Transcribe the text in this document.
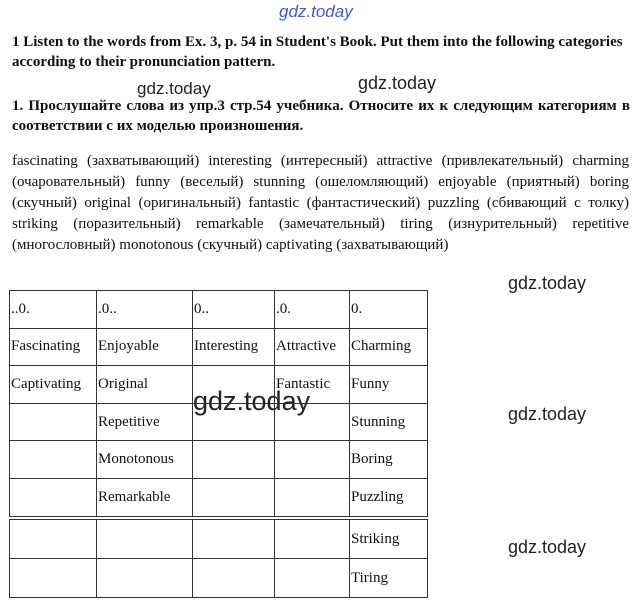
gdz.today

1 Listen to the words from Ex. 3, p. 54 in Student's Book. Put them into the following categories according to their pronunciation pattern.

gdz.today	gdz.today

1. Прослушайте слова из упр.3 стр.54 учебника. Относите их к следующим категориям в соответствии с их моделью произношения.

fascinating (захватывающий) interesting (интересный) attractive (привлекательный) charming (очаровательный) funny (веселый) stunning (ошеломляющий) enjoyable (приятный) boring (скучный) original (оригинальный) fantastic (фантастический) puzzling (сбивающий с толку) striking (поразительный) remarkable (замечательный) tiring (изнурительный) repetitive (многословный) monotonous (скучный) captivating (захватывающий)

gdz.today
..0.	.0..	0..	.0.	0.
Fascinating	Enjoyable	Interesting	Attractive	Charming
Captivating	Original		Fantastic	Funny
	Repetitive			Stunning
	Monotonous			Boring
	Remarkable			Puzzling
gdz.today	gdz.today
				Striking
				Tiring
gdz.today
